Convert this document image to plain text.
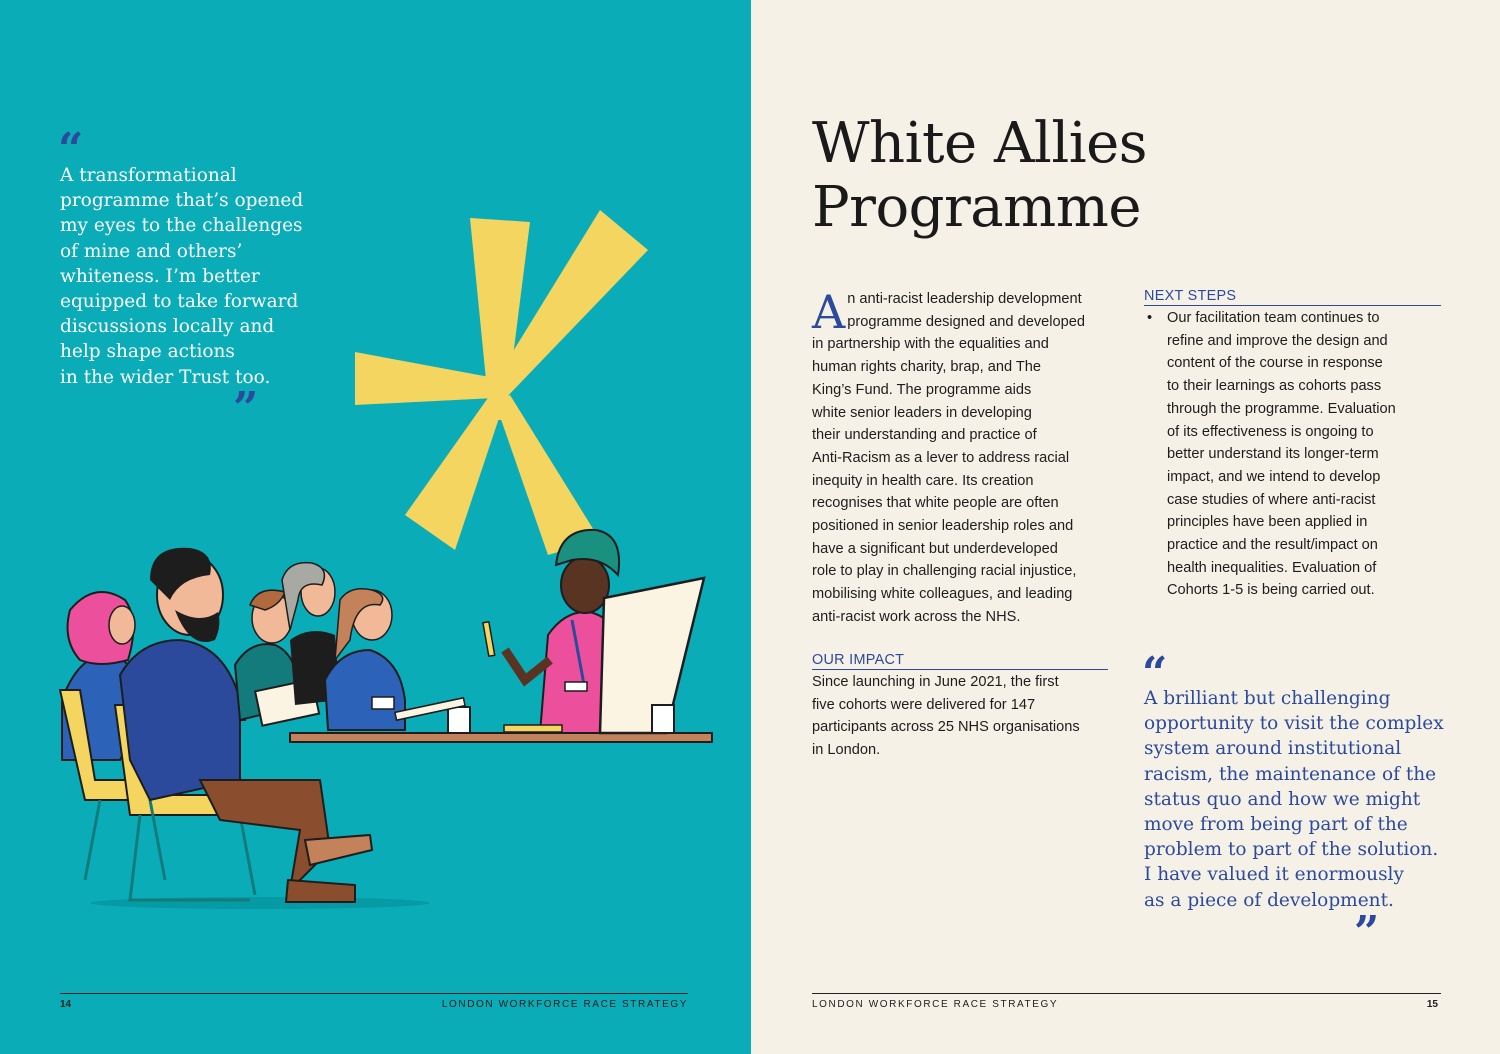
“
A transformational
programme that’s opened
my eyes to the challenges
of mine and others’
whiteness. I’m better
equipped to take forward
discussions locally and
help shape actions
in the wider Trust too.
”
14	LONDON WORKFORCE RACE STRATEGY
White Allies
Programme
A n anti-racist leadership development
programme designed and developed
in partnership with the equalities and
human rights charity, brap, and The
King’s Fund. The programme aids
white senior leaders in developing
their understanding and practice of
Anti-Racism as a lever to address racial
inequity in health care. Its creation
recognises that white people are often
positioned in senior leadership roles and
have a significant but underdeveloped
role to play in challenging racial injustice,
mobilising white colleagues, and leading
anti-racist work across the NHS.
OUR IMPACT
Since launching in June 2021, the first
five cohorts were delivered for 147
participants across 25 NHS organisations
in London.
NEXT STEPS
• Our facilitation team continues to
refine and improve the design and
content of the course in response
to their learnings as cohorts pass
through the programme. Evaluation
of its effectiveness is ongoing to
better understand its longer-term
impact, and we intend to develop
case studies of where anti-racist
principles have been applied in
practice and the result/impact on
health inequalities. Evaluation of
Cohorts 1-5 is being carried out.
“
A brilliant but challenging
opportunity to visit the complex
system around institutional
racism, the maintenance of the
status quo and how we might
move from being part of the
problem to part of the solution.
I have valued it enormously
as a piece of development.
”
LONDON WORKFORCE RACE STRATEGY	15
